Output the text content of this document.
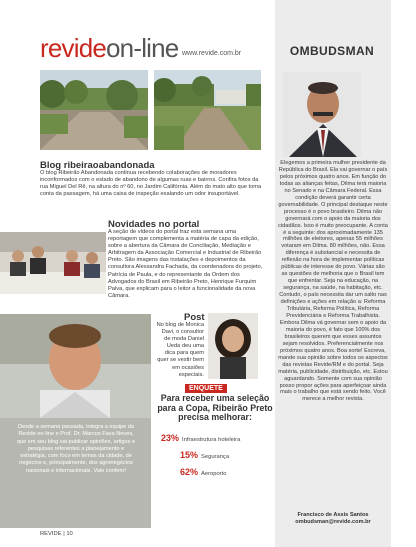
revideon-line www.revide.com.br	OMBUDSMAN
Blog ribeiraoabandonada
O blog Ribeirão Abandonada continua recebendo colaborações de moradores inconformados com o estado de abandono de algumas ruas e bairros. Confira fotos da rua Miguel Del Rê, na altura do nº 60, no Jardim Califórnia. Além do mato alto que toma conta da passagem, há uma caixa de inspeção exalando um odor insuportável.
Novidades no portal
A seção de vídeos do portal traz esta semana uma reportagem que complementa a matéria de capa da edição, sobre a abertura da Câmara de Conciliação, Mediação e Arbitragem da Associação Comercial e Industrial de Ribeirão Preto. São imagens das instalações e depoimentos da consultora Alessandra Fachada, da coordenadora do projeto, Patrícia de Paula, e do representante da Ordem dos Advogados do Brasil em Ribeirão Preto, Henrique Furquim Paiva, que explicam para o leitor a funcionalidade da nova Câmara.
Post
No blog de Monica Davi, o consultor de moda Daniel Ueda deu uma dica para quem quer se vestir bem em ocasiões especiais.
Desde a semana passada, integra a equipe da Revide on-line o Prof. Dr. Marcos Fava Neves, que em seu blog vai publicar opiniões, artigos e pesquisas referentes a planejamento e estratégia, com foco em temas da cidade, de negócios e, principalmente, dos agronegócios nacionais e internacionais. Vale conferir!
ENQUETE
Para receber uma seleção para a Copa, Ribeirão Preto precisa melhorar:
23% Infraestrutura hoteleira
15% Segurança
62% Aeroporto
Elegemos a primeira mulher presidente da República do Brasil. Ela vai governar o país pelos próximos quatro anos. Em função do todas as alianças feitas, Dilma terá maioria no Senado e na Câmara Federal. Essa condição deverá garantir certa governabilidade. O principal destaque neste processo é o povo brasileiro. Dilma não governará com o apoio da maioria dos cidadãos. Isso é muito preocupante. A conta é a seguinte: dos aproximadamente 135 milhões de eleitores, apenas 55 milhões votaram em Dilma. 80 milhões, não. Essa diferença é substancial e necessita de reflexão na hora de implementar políticas públicas de interesse do povo. Várias são as questões de melhoria que o Brasil tem que enfrentar. Seja na educação, na segurança, na saúde, na habitação, etc. Contudo, o país necessita dar um salto nas definições e ações em relação a: Reforma Tributária, Reforma Política, Reforma Previdenciária e Reforma Trabalhista. Embora Dilma vá governar sem o apoio da maioria do povo, é fato que 100% dos brasileiros querem que esses assuntos sejam resolvidos. Preferencialmente nos próximos quatro anos. Boa sorte! Escreva, mande sua opinião sobre todos os aspectos das revistas Revide/RM e do portal. Seja matéria, publicidade, distribuição, etc. Estou aguardando. Somente com sua opinião posso propor ações para aperfeiçoar ainda mais o trabalho que está sendo feito. Você merece a melhor revista.
Francisco de Assis Santos
ombudsman@revide.com.br
REVIDE | 10
